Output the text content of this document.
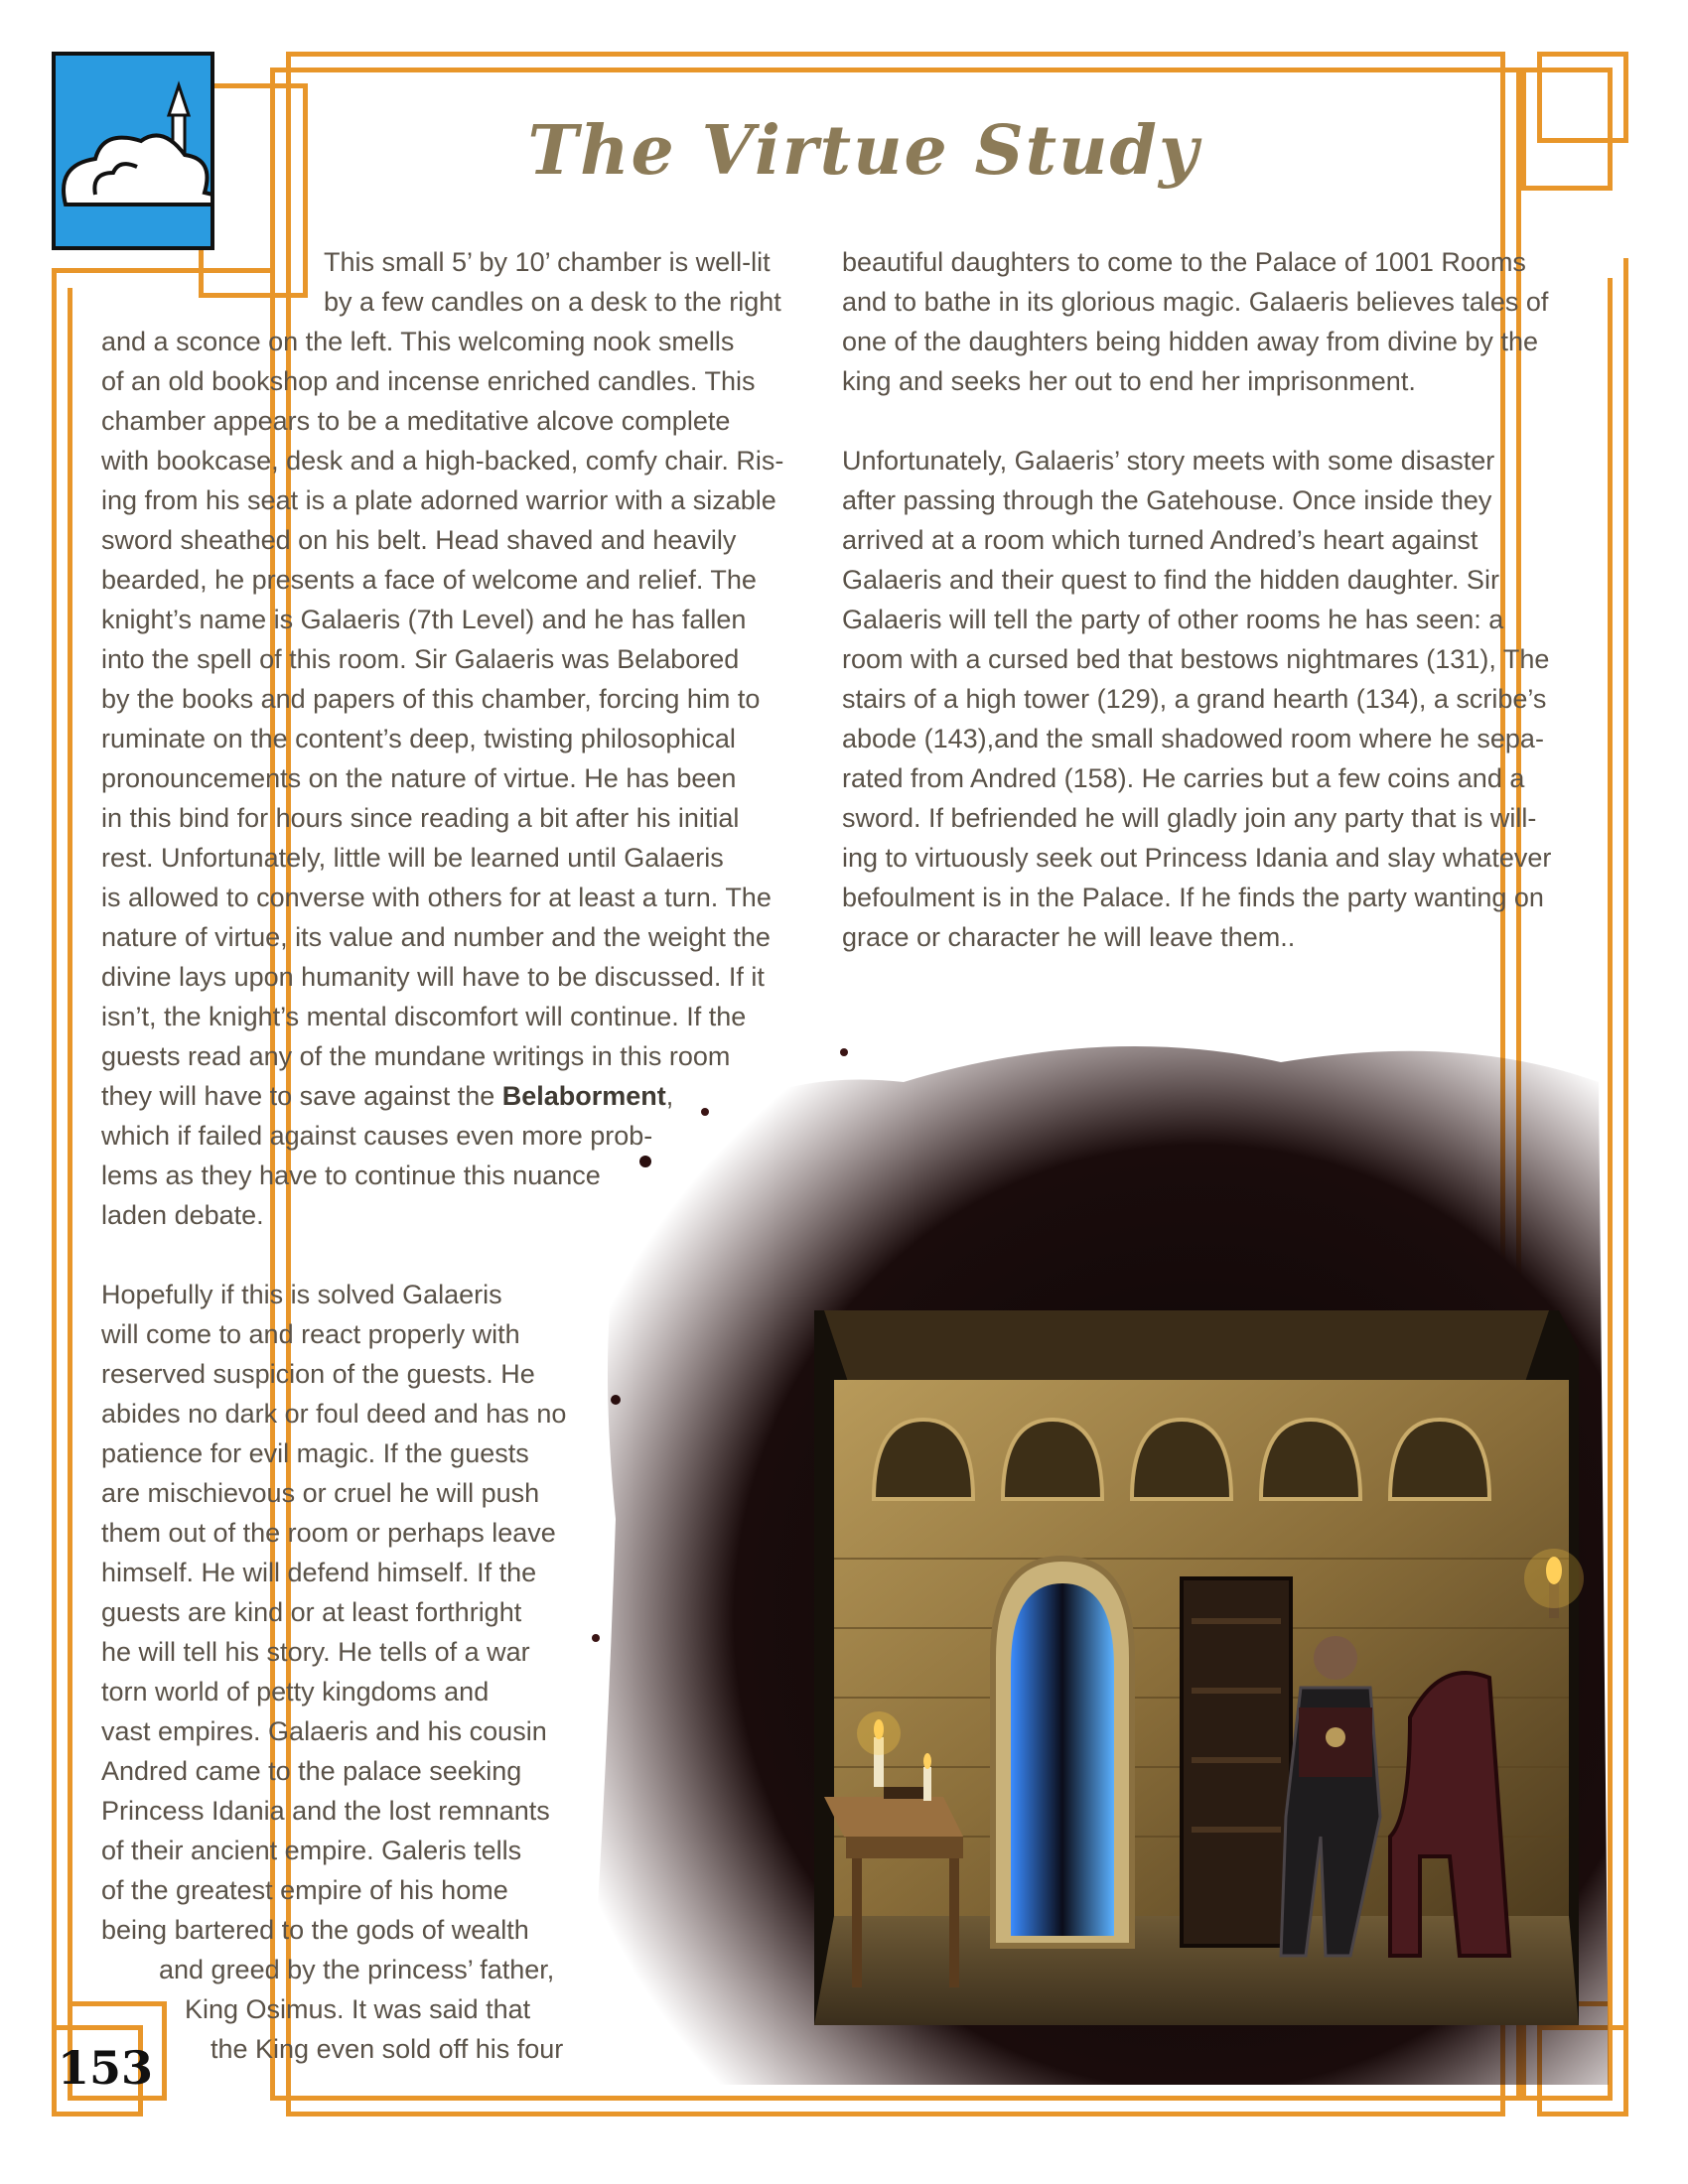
The Virtue Study
This small 5’ by 10’ chamber is well-lit
by a few candles on a desk to the right
and a sconce on the left. This welcoming nook smells
of an old bookshop and incense enriched candles. This
chamber appears to be a meditative alcove complete
with bookcase, desk and a high-backed, comfy chair. Ris-
ing from his seat is a plate adorned warrior with a sizable
sword sheathed on his belt. Head shaved and heavily
bearded, he presents a face of welcome and relief. The
knight’s name is Galaeris (7th Level) and he has fallen
into the spell of this room. Sir Galaeris was Belabored
by the books and papers of this chamber, forcing him to
ruminate on the content’s deep, twisting philosophical
pronouncements on the nature of virtue. He has been
in this bind for hours since reading a bit after his initial
rest. Unfortunately, little will be learned until Galaeris
is allowed to converse with others for at least a turn. The
nature of virtue, its value and number and the weight the
divine lays upon humanity will have to be discussed. If it
isn’t, the knight’s mental discomfort will continue. If the
guests read any of the mundane writings in this room
they will have to save against the Belaborment,
which if failed against causes even more prob-
lems as they have to continue this nuance
laden debate.
Hopefully if this is solved Galaeris
will come to and react properly with
reserved suspicion of the guests. He
abides no dark or foul deed and has no
patience for evil magic. If the guests
are mischievous or cruel he will push
them out of the room or perhaps leave
himself. He will defend himself. If the
guests are kind or at least forthright
he will tell his story. He tells of a war
torn world of petty kingdoms and
vast empires. Galaeris and his cousin
Andred came to the palace seeking
Princess Idania and the lost remnants
of their ancient empire. Galeris tells
of the greatest empire of his home
being bartered to the gods of wealth
and greed by the princess’ father,
King Osimus. It was said that
the King even sold off his four
beautiful daughters to come to the Palace of 1001 Rooms
and to bathe in its glorious magic. Galaeris believes tales of
one of the daughters being hidden away from divine by the
king and seeks her out to end her imprisonment.
Unfortunately, Galaeris’ story meets with some disaster
after passing through the Gatehouse. Once inside they
arrived at a room which turned Andred’s heart against
Galaeris and their quest to find the hidden daughter. Sir
Galaeris will tell the party of other rooms he has seen: a
room with a cursed bed that bestows nightmares (131), The
stairs of a high tower (129), a grand hearth (134), a scribe’s
abode (143),and the small shadowed room where he sepa-
rated from Andred (158). He carries but a few coins and a
sword. If befriended he will gladly join any party that is will-
ing to virtuously seek out Princess Idania and slay whatever
befoulment is in the Palace. If he finds the party wanting on
grace or character he will leave them..
153
